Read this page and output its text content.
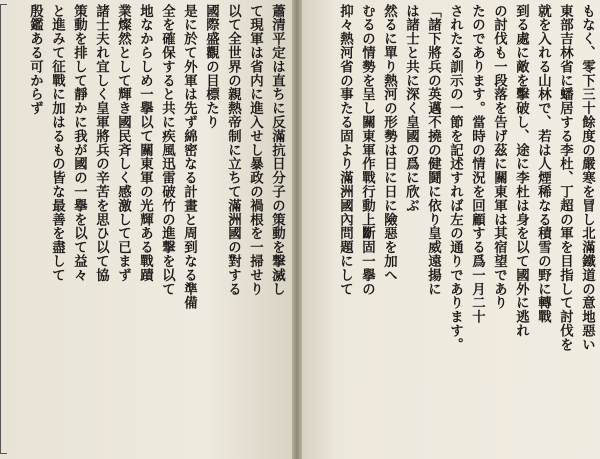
蕭清平定は直ちに反滿抗日分子の策動を撃滅し
て現軍は省内に進入せし暴政の禍根を一掃せり
以て全世界の親熱帝制に立ちて滿洲國の對する
國際盛觀の目標たり
是に於て外軍は先ず綿密なる計畫と周到なる準備
全を確保すると共に疾風迅雷破竹の進撃を以て
地なからしめ一擧以て關東軍の光輝ある戰蹟
業燦然として輝き國民斉しく感激して已まず
諸士夫れ宜しく皇軍將兵の辛苦を思ひ以て協
策動を排して靜かに我が國の一擧を以て益々
と進みて征戰に加はるもの皆な最善を盡して
殷鑑ある可からず	もなく、零下三十餘度の嚴寒を冒し北滿鐵道の意地惡い
東部吉林省に蟠居する李杜、丁超の軍を目指して討伐を
就を入れる山林で、若は人煙稀なる積雪の野に轉戰
到る處に敵を擊破し、途に李杜は身を以て國外に逃れ
の討伐も一段落を告げ茲に關東軍は其宿望であり
たのであります。當時の情況を回顧する爲一月二十
されたる訓示の一節を記述すれば左の通りであります。
「諸下將兵の英邁不撓の健鬪に依り皇威遠揚に
は諸士と共に深く皇國の爲に欣ぶ
然るに單り熱河の形勢は日に日に險惡を加へ
むるの情勢を呈し關東軍作戰行動上斷固一擧の
抑々熱河省の事たる固より滿洲國內問題にして
